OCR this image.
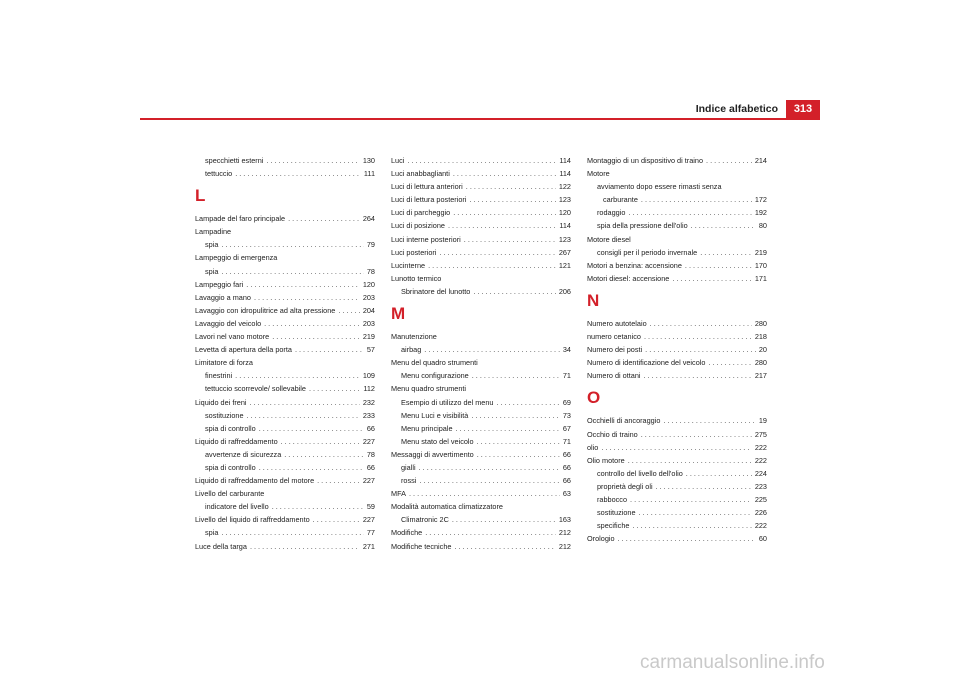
Indice alfabetico	313
specchietti esterni . . .	130
tettuccio . . .	111
L
Lampade del faro principale . . .	264
Lampadine
spia . . .	79
Lampeggio di emergenza
spia . . .	78
Lampeggio fari . . .	120
Lavaggio a mano . . .	203
Lavaggio con idropulitrice ad alta pressione . . .	204
Lavaggio del veicolo . . .	203
Lavori nel vano motore . . .	219
Levetta di apertura della porta . . .	57
Limitatore di forza
finestrini . . .	109
tettuccio scorrevole/ sollevabile . . .	112
Liquido dei freni . . .	232
sostituzione . . .	233
spia di controllo . . .	66
Liquido di raffreddamento . . .	227
avvertenze di sicurezza . . .	78
spia di controllo . . .	66
Liquido di raffreddamento del motore . . .	227
Livello del carburante
indicatore del livello . . .	59
Livello del liquido di raffreddamento . . .	227
spia . . .	77
Luce della targa . . .	271
Luci . . .	114
Luci anabbaglianti . . .	114
Luci di lettura anteriori . . .	122
Luci di lettura posteriori . . .	123
Luci di parcheggio . . .	120
Luci di posizione . . .	114
Luci interne posteriori . . .	123
Luci posteriori . . .	267
Lucinterne . . .	121
Lunotto termico
Sbrinatore del lunotto . . .	206
M
Manutenzione
airbag . . .	34
Menu del quadro strumenti
Menu configurazione . . .	71
Menu quadro strumenti
Esempio di utilizzo del menu . . .	69
Menu Luci e visibilità . . .	73
Menu principale . . .	67
Menu stato del veicolo . . .	71
Messaggi di avvertimento . . .	66
gialli . . .	66
rossi . . .	66
MFA . . .	63
Modalità automatica climatizzatore
Climatronic 2C . . .	163
Modifiche . . .	212
Modifiche tecniche . . .	212
Montaggio di un dispositivo di traino . . .	214
Motore
avviamento dopo essere rimasti senza
carburante . . .	172
rodaggio . . .	192
spia della pressione dell'olio . . .	80
Motore diesel
consigli per il periodo invernale . . .	219
Motori a benzina: accensione . . .	170
Motori diesel: accensione . . .	171
N
Numero autotelaio . . .	280
numero cetanico . . .	218
Numero dei posti . . .	20
Numero di identificazione del veicolo . . .	280
Numero di ottani . . .	217
O
Occhielli di ancoraggio . . .	19
Occhio di traino . . .	275
olio . . .	222
Olio motore . . .	222
controllo del livello dell'olio . . .	224
proprietà degli oli . . .	223
rabbocco . . .	225
sostituzione . . .	226
specifiche . . .	222
Orologio . . .	60
carmanualsonline.info
